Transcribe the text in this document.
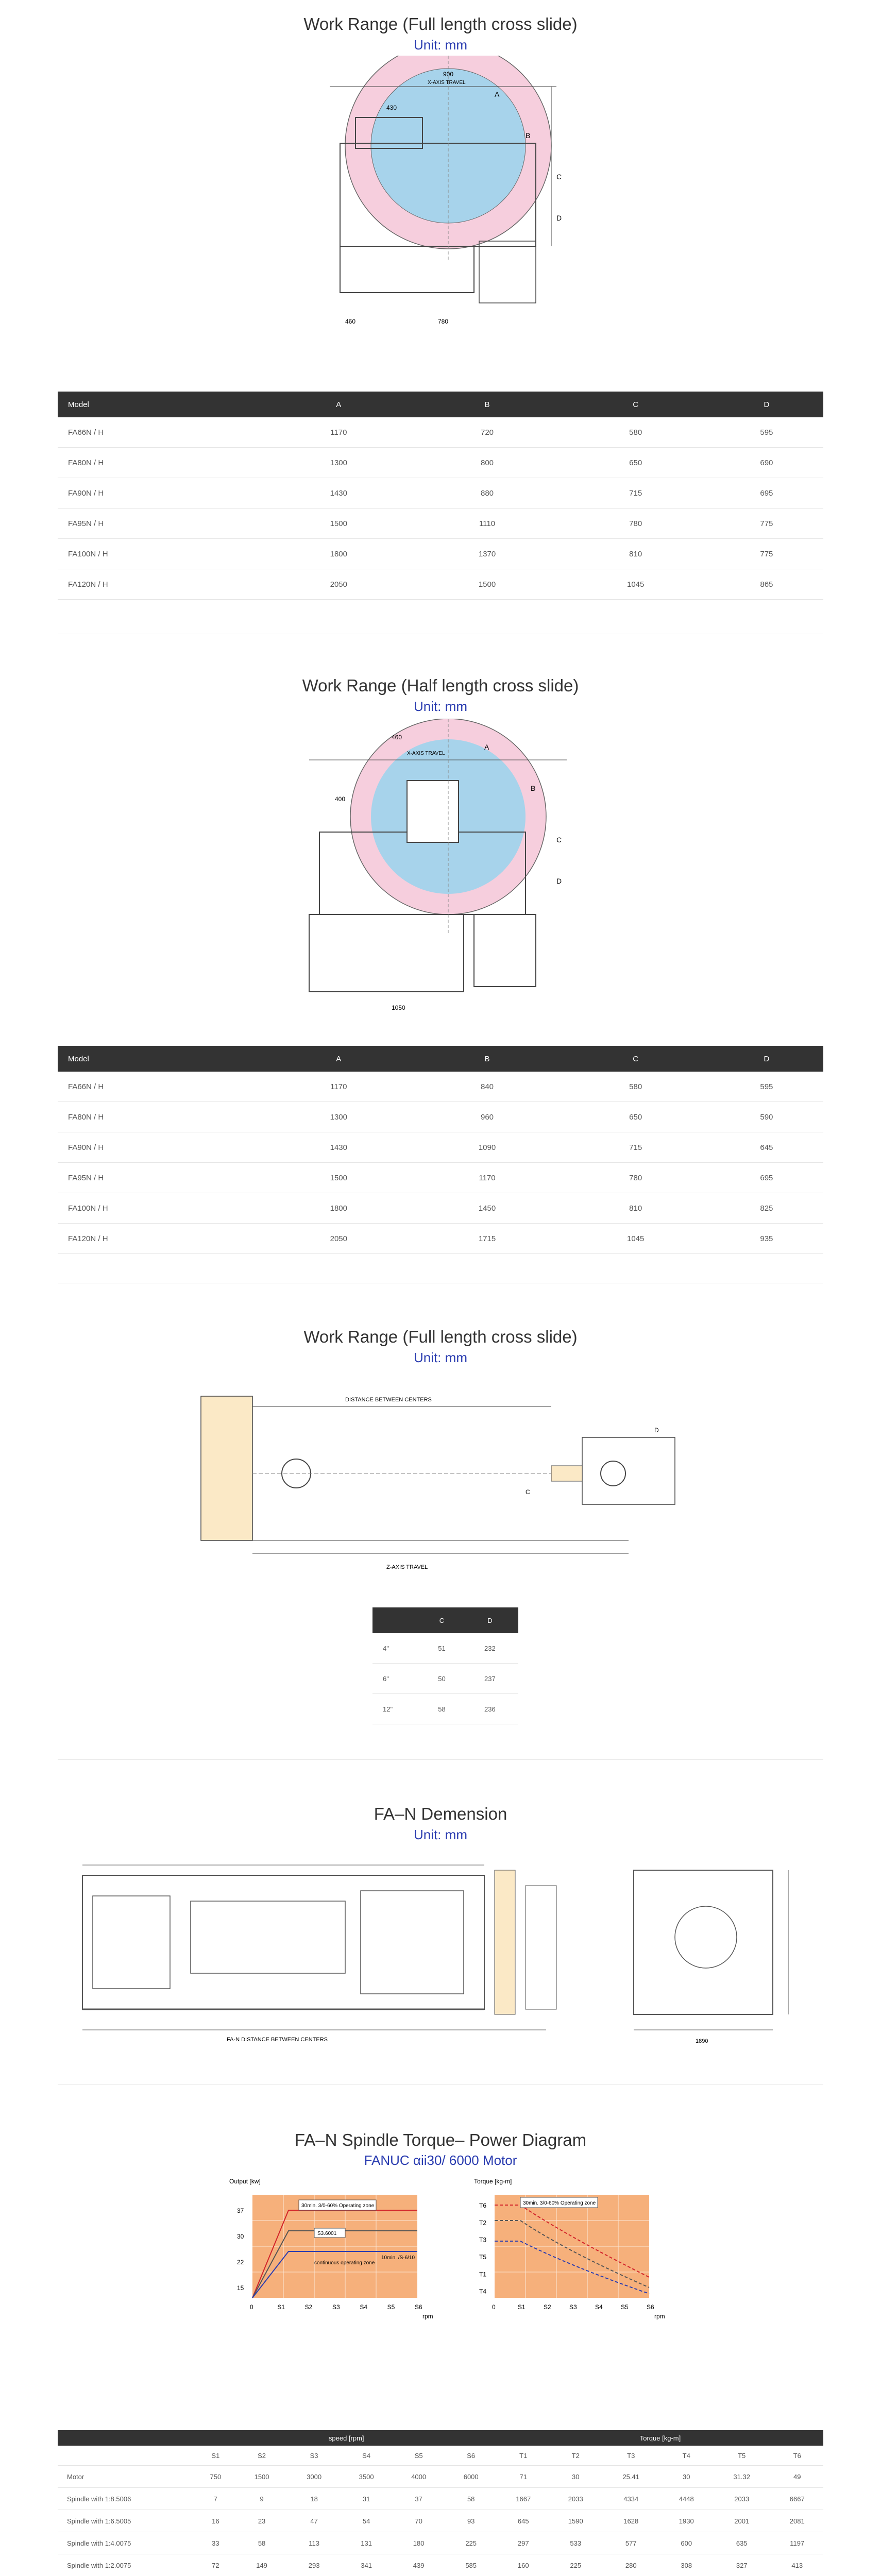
Work Range (Full length cross slide)
Unit: mm
900
X-AXIS TRAVEL
430
A
B
C
D
460	780
Model	A	B	C	D
FA66N / H	1170	720	580	595
FA80N / H	1300	800	650	690
FA90N / H	1430	880	715	695
FA95N / H	1500	1110	780	775
FA100N / H	1800	1370	810	775
FA120N / H	2050	1500	1045	865
Work Range (Half length cross slide)
Unit: mm
X-AXIS TRAVEL
460
400
A
B
C
D
1050
Model	A	B	C	D
FA66N / H	1170	840	580	595
FA80N / H	1300	960	650	590
FA90N / H	1430	1090	715	645
FA95N / H	1500	1170	780	695
FA100N / H	1800	1450	810	825
FA120N / H	2050	1715	1045	935
Work Range (Full length cross slide)
Unit: mm
DISTANCE BETWEEN CENTERS
Z-AXIS TRAVEL
C
D
	C	D
4"	51	232
6"	50	237
12"	58	236
FA–N Demension
Unit: mm
FA-N DISTANCE BETWEEN CENTERS	1890
FA–N Spindle Torque– Power Diagram
FANUC αii30/ 6000 Motor
Output [kw]
30min. 3/0-60% Operating zone
S3.6001
continuous operating zone
10min. /S-6/10
37
30
22
15
0	S1	S2	S3	S4	S5	S6
rpm
Torque [kg-m]
30min. 3/0-60% Operating zone
T6
T2
T3
T5
T1
T4
0	S1	S2	S3	S4	S5	S6
rpm
	speed [rpm]						Torque [kg-m]					
	S1	S2	S3	S4	S5	S6	T1	T2	T3	T4	T5	T6
Motor	750	1500	3000	3500	4000	6000	71	30	25.41	30	31.32	49
Spindle with 1:8.5006	7	9	18	31	37	58	1667	2033	4334	4448	2033	6667
Spindle with 1:6.5005	16	23	47	54	70	93	645	1590	1628	1930	2001	2081
Spindle with 1:4.0075	33	58	113	131	180	225	297	533	577	600	635	1197
Spindle with 1:2.0075	72	149	293	341	439	585	160	225	280	308	327	413
